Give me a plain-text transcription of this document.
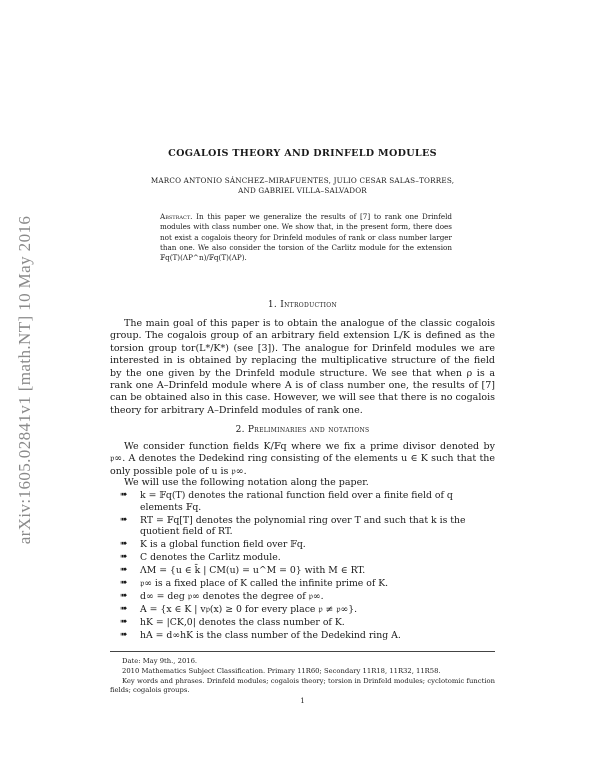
arXiv:1605.02841v1 [math.NT] 10 May 2016
COGALOIS THEORY AND DRINFELD MODULES
MARCO ANTONIO SÁNCHEZ–MIRAFUENTES, JULIO CESAR SALAS–TORRES,
AND GABRIEL VILLA–SALVADOR
Abstract. In this paper we generalize the results of [7] to rank one Drinfeld modules with class number one. We show that, in the present form, there does not exist a cogalois theory for Drinfeld modules of rank or class number larger than one. We also consider the torsion of the Carlitz module for the extension 𝔽q(T)(ΛP^n)/𝔽q(T)(ΛP).
1. Introduction
The main goal of this paper is to obtain the analogue of the classic cogalois group. The cogalois group of an arbitrary field extension L/K is defined as the torsion group tor(L*/K*) (see [3]). The analogue for Drinfeld modules we are interested in is obtained by replacing the multiplicative structure of the field by the one given by the Drinfeld module structure. We see that when ρ is a rank one A–Drinfeld module where A is of class number one, the results of [7] can be obtained also in this case. However, we will see that there is no cogalois theory for arbitrary A–Drinfeld modules of rank one.
2. Preliminaries and notations
We consider function fields K/𝔽q where we fix a prime divisor denoted by 𝔭∞. A denotes the Dedekind ring consisting of the elements u ∈ K such that the only possible pole of u is 𝔭∞.
We will use the following notation along the paper.
➠ k = 𝔽q(T) denotes the rational function field over a finite field of q elements 𝔽q.
➠ RT = 𝔽q[T] denotes the polynomial ring over T and such that k is the quotient field of RT.
➠ K is a global function field over 𝔽q.
➠ C denotes the Carlitz module.
➠ ΛM = {u ∈ k̄ | CM(u) = u^M = 0} with M ∈ RT.
➠ 𝔭∞ is a fixed place of K called the infinite prime of K.
➠ d∞ = deg 𝔭∞ denotes the degree of 𝔭∞.
➠ A = {x ∈ K | v𝔭(x) ≥ 0 for every place 𝔭 ≠ 𝔭∞}.
➠ hK = |CK,0| denotes the class number of K.
➠ hA = d∞hK is the class number of the Dedekind ring A.
Date: May 9th., 2016.
2010 Mathematics Subject Classification. Primary 11R60; Secondary 11R18, 11R32, 11R58.
Key words and phrases. Drinfeld modules; cogalois theory; torsion in Drinfeld modules; cyclotomic function fields; cogalois groups.
1
